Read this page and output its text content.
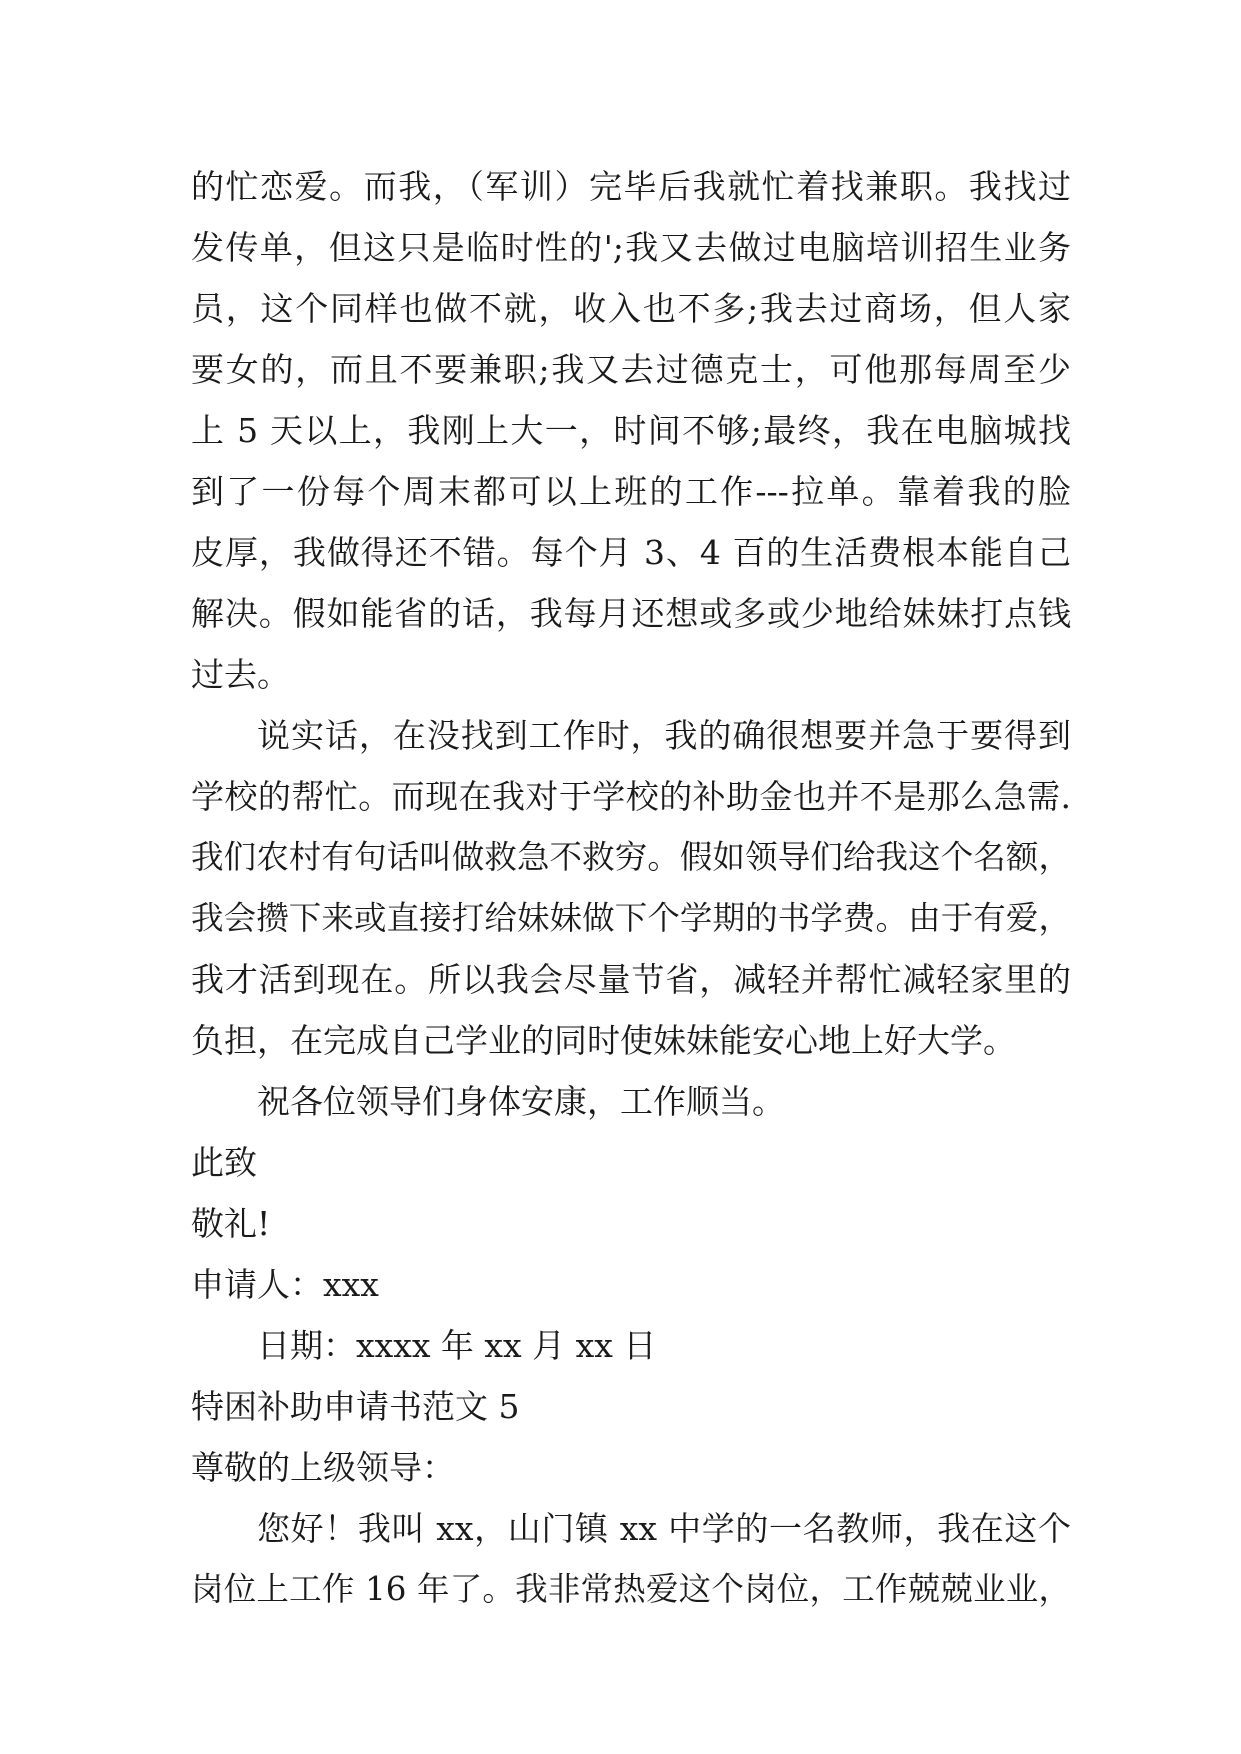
的忙恋爱。而我，（军训）完毕后我就忙着找兼职。我找过
发传单，但这只是临时性的';我又去做过电脑培训招生业务
员，这个同样也做不就，收入也不多;我去过商场，但人家
要女的，而且不要兼职;我又去过德克士，可他那每周至少
上 5 天以上，我刚上大一，时间不够;最终，我在电脑城找
到了一份每个周末都可以上班的工作---拉单。靠着我的脸
皮厚，我做得还不错。每个月 3、4 百的生活费根本能自己
解决。假如能省的话，我每月还想或多或少地给妹妹打点钱
过去。
说实话，在没找到工作时，我的确很想要并急于要得到
学校的帮忙。而现在我对于学校的补助金也并不是那么急需.
我们农村有句话叫做救急不救穷。假如领导们给我这个名额，
我会攒下来或直接打给妹妹做下个学期的书学费。由于有爱，
我才活到现在。所以我会尽量节省，减轻并帮忙减轻家里的
负担，在完成自己学业的同时使妹妹能安心地上好大学。
祝各位领导们身体安康，工作顺当。
此致
敬礼!
申请人：xxx
日期：xxxx 年 xx 月 xx 日
特困补助申请书范文 5
尊敬的上级领导：
您好！我叫 xx，山门镇 xx 中学的一名教师，我在这个
岗位上工作 16 年了。我非常热爱这个岗位，工作兢兢业业，
